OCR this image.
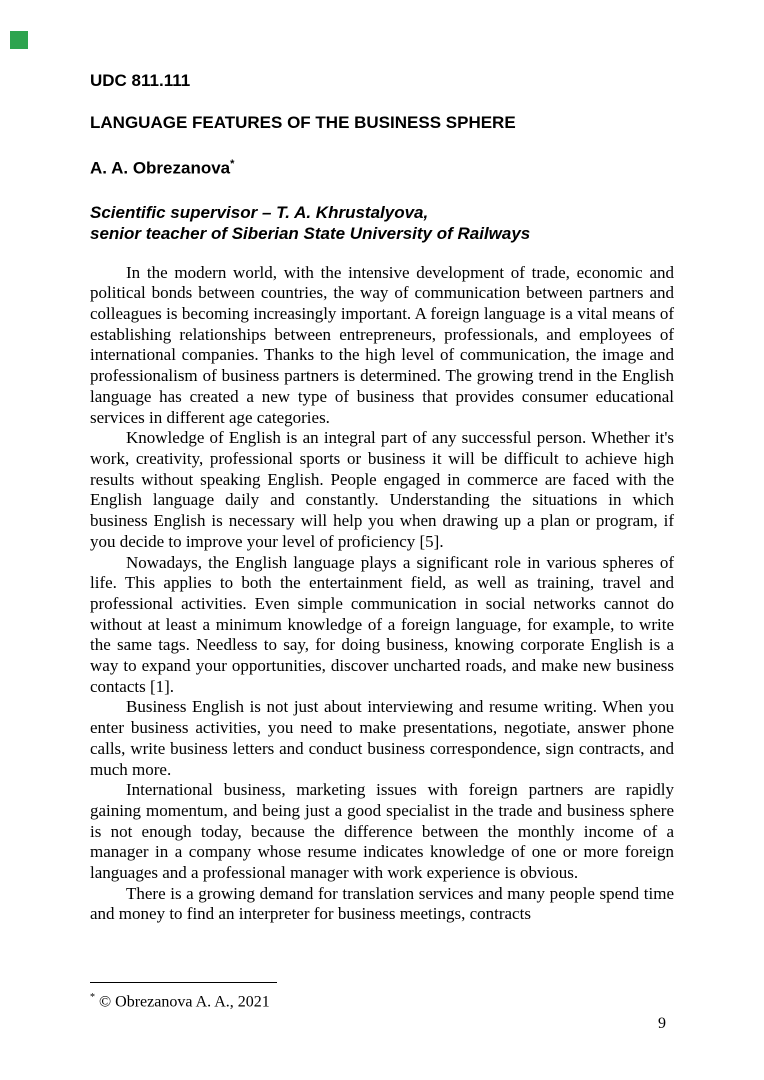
UDC 811.111

LANGUAGE FEATURES OF THE BUSINESS SPHERE

A. A. Obrezanova*

Scientific supervisor – T. A. Khrustalyova,
senior teacher of Siberian State University of Railways

In the modern world, with the intensive development of trade, economic and political bonds between countries, the way of communication between partners and colleagues is becoming increasingly important. A foreign language is a vital means of establishing relationships between entrepreneurs, professionals, and employees of international companies. Thanks to the high level of communication, the image and professionalism of business partners is determined. The growing trend in the English language has created a new type of business that provides consumer educational services in different age categories.

Knowledge of English is an integral part of any successful person. Whether it's work, creativity, professional sports or business it will be difficult to achieve high results without speaking English. People engaged in commerce are faced with the English language daily and constantly. Understanding the situations in which business English is necessary will help you when drawing up a plan or program, if you decide to improve your level of proficiency [5].

Nowadays, the English language plays a significant role in various spheres of life. This applies to both the entertainment field, as well as training, travel and professional activities. Even simple communication in social networks cannot do without at least a minimum knowledge of a foreign language, for example, to write the same tags. Needless to say, for doing business, knowing corporate English is a way to expand your opportunities, discover uncharted roads, and make new business contacts [1].

Business English is not just about interviewing and resume writing. When you enter business activities, you need to make presentations, negotiate, answer phone calls, write business letters and conduct business correspondence, sign contracts, and much more.

International business, marketing issues with foreign partners are rapidly gaining momentum, and being just a good specialist in the trade and business sphere is not enough today, because the difference between the monthly income of a manager in a company whose resume indicates knowledge of one or more foreign languages and a professional manager with work experience is obvious.

There is a growing demand for translation services and many people spend time and money to find an interpreter for business meetings, contracts

* © Obrezanova A. A., 2021

9
